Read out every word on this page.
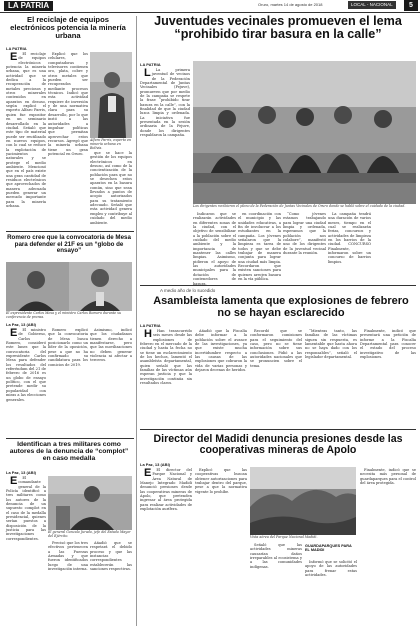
LA PATRIA	Oruro, martes 14 de agosto de 2018	LOCAL - NACIONAL	5
El reciclaje de equipos electrónicos potencia la minería urbana
LA PATRIA

E El reciclaje de equipos electrónicos potencia la minería urbana, que es una actividad que se dedica a la recuperación de metales preciosos y otros minerales contenidos en aparatos en desuso, según explicó el experto Alfaro Parris, quien fue expositor en un seminario desarrollado en la ciudad. Señaló que este tipo de material puede ser reutilizado en nuevos equipos, con lo cual se reduce la explotación de yacimientos naturales y se protege el medio ambiente. Mencionó que en el país existe una gran cantidad de residuos electrónicos que aprovechados de manera adecuada pueden generar un mercado importante para la minería urbana.

Explicó que los celulares, computadoras y televisores contienen oro, plata, cobre y otros metales que pueden ser recuperados mediante procesos técnicos. Indicó que esta actividad requiere de inversión y de una normativa clara para su desarrollo, por lo que instó a las autoridades a impulsar políticas que permitan aprovechar estos recursos. Agregó que la minería urbana tiene un gran potencial en Oruro.

Alfaro Parris, experto en minería urbana en Bolivia.

que se hace la gestión de los equipos electrónicos en desuso, así como de la concientización de la población para que no se desechen estos aparatos en la basura común, sino que sean llevados a puntos de acopio autorizados para su tratamiento adecuado. Señaló que esta actividad genera empleo y contribuye al cuidado del medio ambiente.

Romero cree que la convocatoria de Mesa para defender el 21F es un “globo de ensayo”
El expresidente Carlos Mesa y el ministro Carlos Romero durante su conferencia de prensa.
La Paz, 13 (ABI)

E El ministro de Gobierno, Carlos Romero, consideró este lunes que la convocatoria del expresidente Carlos Mesa para defender los resultados del referéndum del 21 de febrero de 2016 es un globo de ensayo político, con el que pretende medir su popularidad con miras a las elecciones generales.

Romero explicó que la convocatoria de Mesa busca posicionarlo como un líder de la oposición, pese a que no ha confirmado su candidatura para los comicios de 2019.

Asimismo, indicó que los ciudadanos tienen derecho a manifestarse, pero que las movilizaciones no deben generar violencia ni afectar a terceros.

Identifican a tres militares como autores de la denuncia de “complot” en caso medalla
La Paz, 13 (ABI)

E El comandante general de la Policía identificó a tres militares como los autores de la denuncia de un supuesto complot en el caso de la medalla presidencial, quienes serían puestos a disposición de la justicia para las investigaciones correspondientes.

El general Gonzalo Jurado, jefe del Estado Mayor del Ejército.

Precisó que los tres efectivos pertenecen a las Fuerzas Armadas y que fueron identificados luego de una investigación interna.

Añadió que se respetará el debido proceso y que las instancias correspondientes establecerán las sanciones respectivas.

Juventudes vecinales promueven el lema “prohibido tirar basura en la calle”
LA PATRIA

L La primera juventud de vecinos de la Federación Departamental de Juntas Vecinales (Fejuve), promueven que por medio de la campaña se respete la frase “prohibido tirar basura en la calle”, con la finalidad de que la ciudad luzca limpia y ordenada. La iniciativa fue presentada en la sesión ordinaria de la Fejuve, donde los dirigentes respaldaron la campaña.

Los dirigentes recibieron el pleno de la Federación de Juntas Vecinales de Oruro donde se habló sobre el cuidado de la ciudad.

Indicaron que se realizarán actividades en diferentes zonas de la ciudad, con el objetivo de sensibilizar a la población sobre el cuidado del medio ambiente y la importancia de mantener las calles limpias. Asimismo, pidieron el apoyo de las autoridades municipales para la dotación de contenedores de basura.

en coordinación con el municipio y las unidades educativas, a fin de involucrar a los estudiantes en la campaña. Los jóvenes señalaron que la limpieza es tarea de todos y que se debe trabajar de manera conjunta para lograr una ciudad más limpia. Recordaron que existen sanciones para quienes arrojen basura en la vía pública.

“Como jóvenes estamos trabajando para lograr una ciudad limpia y ordenada, esperamos que la población nos colabore”, manifestó uno de los dirigentes de la juventud vecinal durante la reunión.

La campaña tendrá una duración de varios meses, tiempo en el cual se realizarán ferias, concursos y actividades de limpieza en los barrios de la ciudad. CONCURSO Finalmente, informaron sobre un concurso de barrios limpios.

A medio año de lo sucedido
Asambleísta lamenta que explosiones de febrero no se hayan esclarecido
LA PATRIA

H Han transcurrido seis meses desde las explosiones de febrero en el mercado de la ciudad y hasta la fecha no se tiene un esclarecimiento de los hechos, lamentó el asambleísta departamental, quien señaló que las familias de las víctimas aún esperan justicia y que la investigación continúa sin resultados claros.

Añadió que la Fiscalía debe informar a la población sobre el avance de las investigaciones, ya que existe mucha incertidumbre respecto a las causas de las explosiones que cobraron la vida de varias personas y dejaron decenas de heridos.

Recordó que se conformaron comisiones para el seguimiento del caso, pero no se tiene información sobre sus conclusiones. Pidió a las autoridades nacionales que se pronuncien sobre el tema.

“Mientras tanto, las familias de las víctimas siguen sin respuesta, es lamentable que hasta ahora no se haya dado con los responsables”, señaló el legislador departamental.

Finalmente, indicó que presentará una petición de informe a la Fiscalía Departamental para conocer el estado del proceso investigativo de las explosiones.

Director del Madidi denuncia presiones desde las cooperativas mineras de Apolo
La Paz, 13 (ABI)

E El director del Parque Nacional y Área Natural de Manejo Integrado Madidi denunció presiones desde las cooperativas mineras de Apolo, que pretenden ingresar al área protegida para realizar actividades de explotación aurífera.

Explicó que las cooperativas buscan obtener autorizaciones para trabajar dentro del parque, pese a que la normativa vigente lo prohíbe.

Vista aérea del Parque Nacional Madidi.

Señaló que las actividades mineras causarían daños irreparables al ecosistema y a las comunidades indígenas.

GUARDAPARQUES PARA EL MADIDI

Informó que se solicitó el apoyo de las autoridades para frenar estas actividades.

Finalmente, indicó que se necesita más personal de guardaparques para el control del área protegida.
